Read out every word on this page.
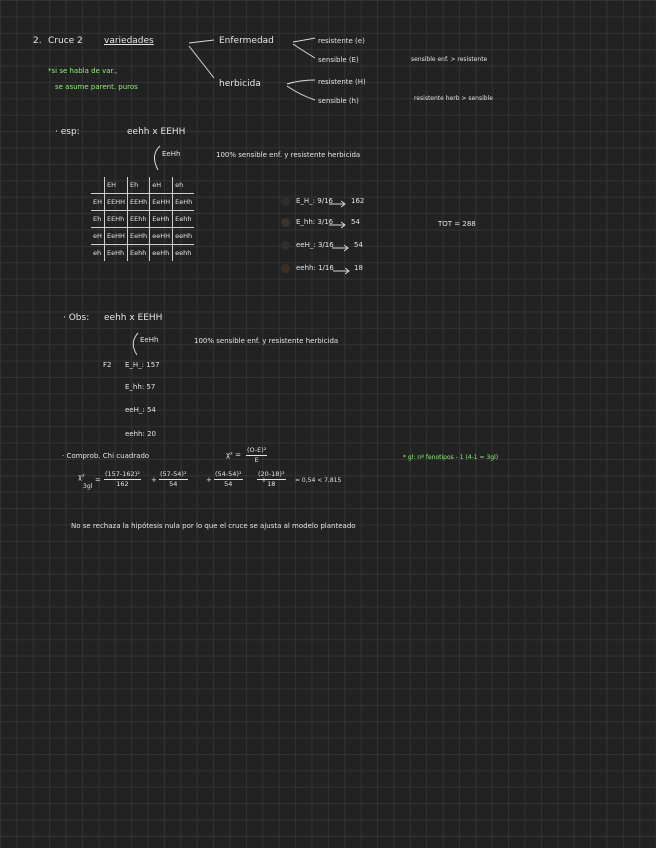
2. Cruce 2 variedades
*si se habla de var.,
se asume parent. puros
Enfermedad	resistente (e)
sensible (E)	sensible enf. > resistente
herbicida	resistente (H)
sensible (h)	resistente herb > sensible
· esp:	eehh x EEHH
EeHh	100% sensible enf. y resistente herbicida
	EH	Eh	eH	eh
EH	EEHH	EEHh	EeHH	EeHh
Eh	EEHh	EEhh	EeHh	Eehh
eH	EeHH	EeHh	eeHH	eeHh
eh	EeHh	Eehh	eeHh	eehh
E_H_: 9/16	162
E_hh: 3/16	54
eeH_: 3/16	54
eehh: 1/16	18
TOT = 288
· Obs: eehh x EEHH
EeHh	100% sensible enf. y resistente herbicida
F2 E_H_: 157
E_hh: 57
eeH_: 54
eehh: 20
· Comprob. Chi cuadrado	$\chi^2 = \frac{\text{(O-E)²}}{E}$	* gl: nº fenotipos - 1 (4-1 = 3gl)
χ²
3gl
= $\frac{\text{(157-162)²}}{162} + \frac{\text{(57-54)²}}{54}$	+ $\frac{\text{(54-54)²}}{54}$	+
$\frac{\text{(20-18)²}}{18} = 0,54 < 7,815$
No se rechaza la hipótesis nula por lo que el cruce se ajusta al modelo planteado
